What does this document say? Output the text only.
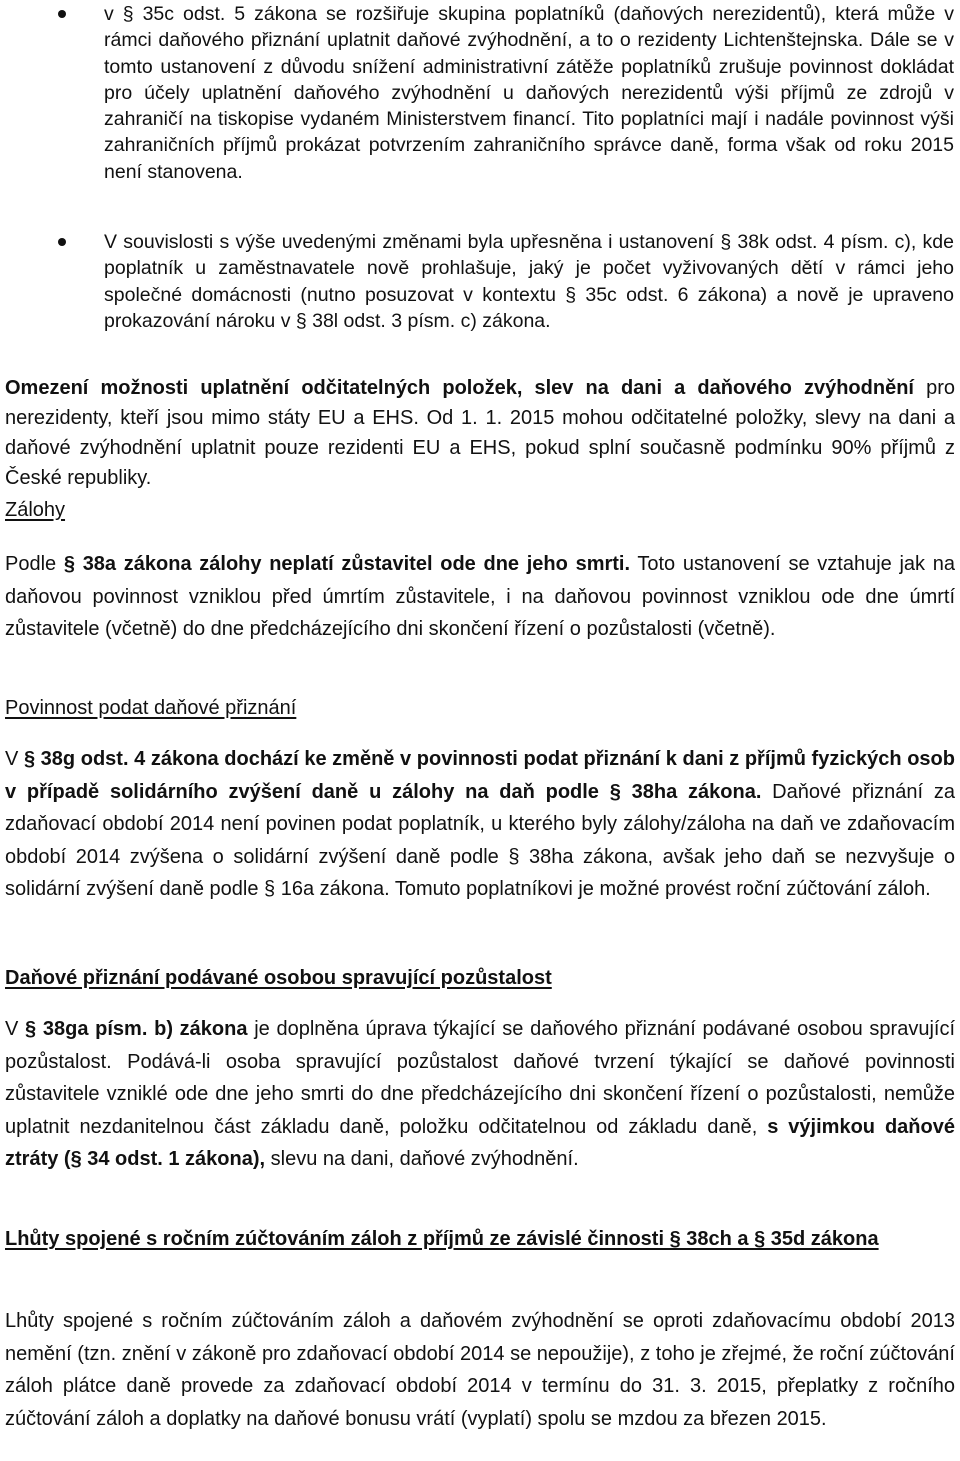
v § 35c odst. 5 zákona se rozšiřuje skupina poplatníků (daňových nerezidentů), která může v rámci daňového přiznání uplatnit daňové zvýhodnění, a to o rezidenty Lichtenštejnska. Dále se v tomto ustanovení z důvodu snížení administrativní zátěže poplatníků zrušuje povinnost dokládat pro účely uplatnění daňového zvýhodnění u daňových nerezidentů výši příjmů ze zdrojů v zahraničí na tiskopise vydaném Ministerstvem financí. Tito poplatníci mají i nadále povinnost výši zahraničních příjmů prokázat potvrzením zahraničního správce daně, forma však od roku 2015 není stanovena.
V souvislosti s výše uvedenými změnami byla upřesněna i ustanovení § 38k odst. 4 písm. c), kde poplatník u zaměstnavatele nově prohlašuje, jaký je počet vyživovaných dětí v rámci jeho společné domácnosti (nutno posuzovat v kontextu § 35c odst. 6 zákona) a nově je upraveno prokazování nároku v § 38l odst. 3 písm. c) zákona.

Omezení možnosti uplatnění odčitatelných položek, slev na dani a daňového zvýhodnění pro nerezidenty, kteří jsou mimo státy EU a EHS. Od 1. 1. 2015 mohou odčitatelné položky, slevy na dani a daňové zvýhodnění uplatnit pouze rezidenti EU a EHS, pokud splní současně podmínku 90% příjmů z České republiky.

Zálohy

Podle § 38a zákona zálohy neplatí zůstavitel ode dne jeho smrti. Toto ustanovení se vztahuje jak na daňovou povinnost vzniklou před úmrtím zůstavitele, i na daňovou povinnost vzniklou ode dne úmrtí zůstavitele (včetně) do dne předcházejícího dni skončení řízení o pozůstalosti (včetně).

Povinnost podat daňové přiznání

V § 38g odst. 4 zákona dochází ke změně v povinnosti podat přiznání k dani z příjmů fyzických osob v případě solidárního zvýšení daně u zálohy na daň podle § 38ha zákona. Daňové přiznání za zdaňovací období 2014 není povinen podat poplatník, u kterého byly zálohy/záloha na daň ve zdaňovacím období 2014 zvýšena o solidární zvýšení daně podle § 38ha zákona, avšak jeho daň se nezvyšuje o solidární zvýšení daně podle § 16a zákona. Tomuto poplatníkovi je možné provést roční zúčtování záloh.

Daňové přiznání podávané osobou spravující pozůstalost

V § 38ga písm. b) zákona je doplněna úprava týkající se daňového přiznání podávané osobou spravující pozůstalost. Podává-li osoba spravující pozůstalost daňové tvrzení týkající se daňové povinnosti zůstavitele vzniklé ode dne jeho smrti do dne předcházejícího dni skončení řízení o pozůstalosti, nemůže uplatnit nezdanitelnou část základu daně, položku odčitatelnou od základu daně, s výjimkou daňové ztráty (§ 34 odst. 1 zákona), slevu na dani, daňové zvýhodnění.

Lhůty spojené s ročním zúčtováním záloh z příjmů ze závislé činnosti § 38ch a § 35d zákona

Lhůty spojené s ročním zúčtováním záloh a daňovém zvýhodnění se oproti zdaňovacímu období 2013 nemění (tzn. znění v zákoně pro zdaňovací období 2014 se nepoužije), z toho je zřejmé, že roční zúčtování záloh plátce daně provede za zdaňovací období 2014 v termínu do 31. 3. 2015, přeplatky z ročního zúčtování záloh a doplatky na daňové bonusu vrátí (vyplatí) spolu se mzdou za březen 2015.
